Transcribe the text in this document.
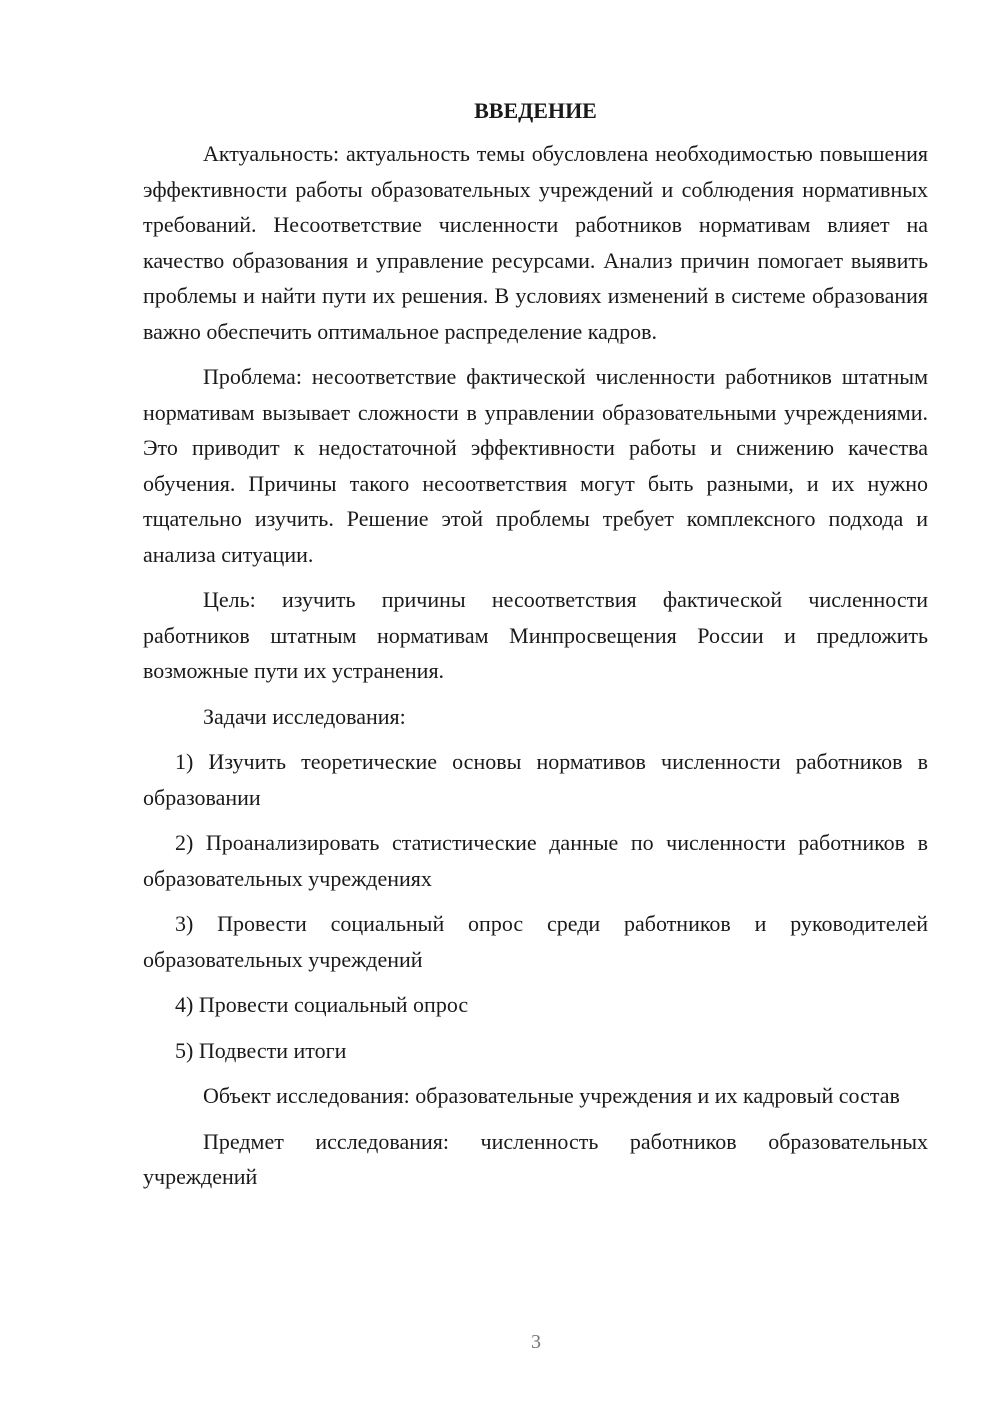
ВВЕДЕНИЕ

Актуальность: актуальность темы обусловлена необходимостью повышения эффективности работы образовательных учреждений и соблюдения нормативных требований. Несоответствие численности работников нормативам влияет на качество образования и управление ресурсами. Анализ причин помогает выявить проблемы и найти пути их решения. В условиях изменений в системе образования важно обеспечить оптимальное распределение кадров.

Проблема: несоответствие фактической численности работников штатным нормативам вызывает сложности в управлении образовательными учреждениями. Это приводит к недостаточной эффективности работы и снижению качества обучения. Причины такого несоответствия могут быть разными, и их нужно тщательно изучить. Решение этой проблемы требует комплексного подхода и анализа ситуации.

Цель: изучить причины несоответствия фактической численности работников штатным нормативам Минпросвещения России и предложить возможные пути их устранения.

Задачи исследования:

1) Изучить теоретические основы нормативов численности работников в образовании

2) Проанализировать статистические данные по численности работников в образовательных учреждениях

3) Провести социальный опрос среди работников и руководителей образовательных учреждений

4) Провести социальный опрос

5) Подвести итоги

Объект исследования: образовательные учреждения и их кадровый состав

Предмет исследования: численность работников образовательных учреждений

3
